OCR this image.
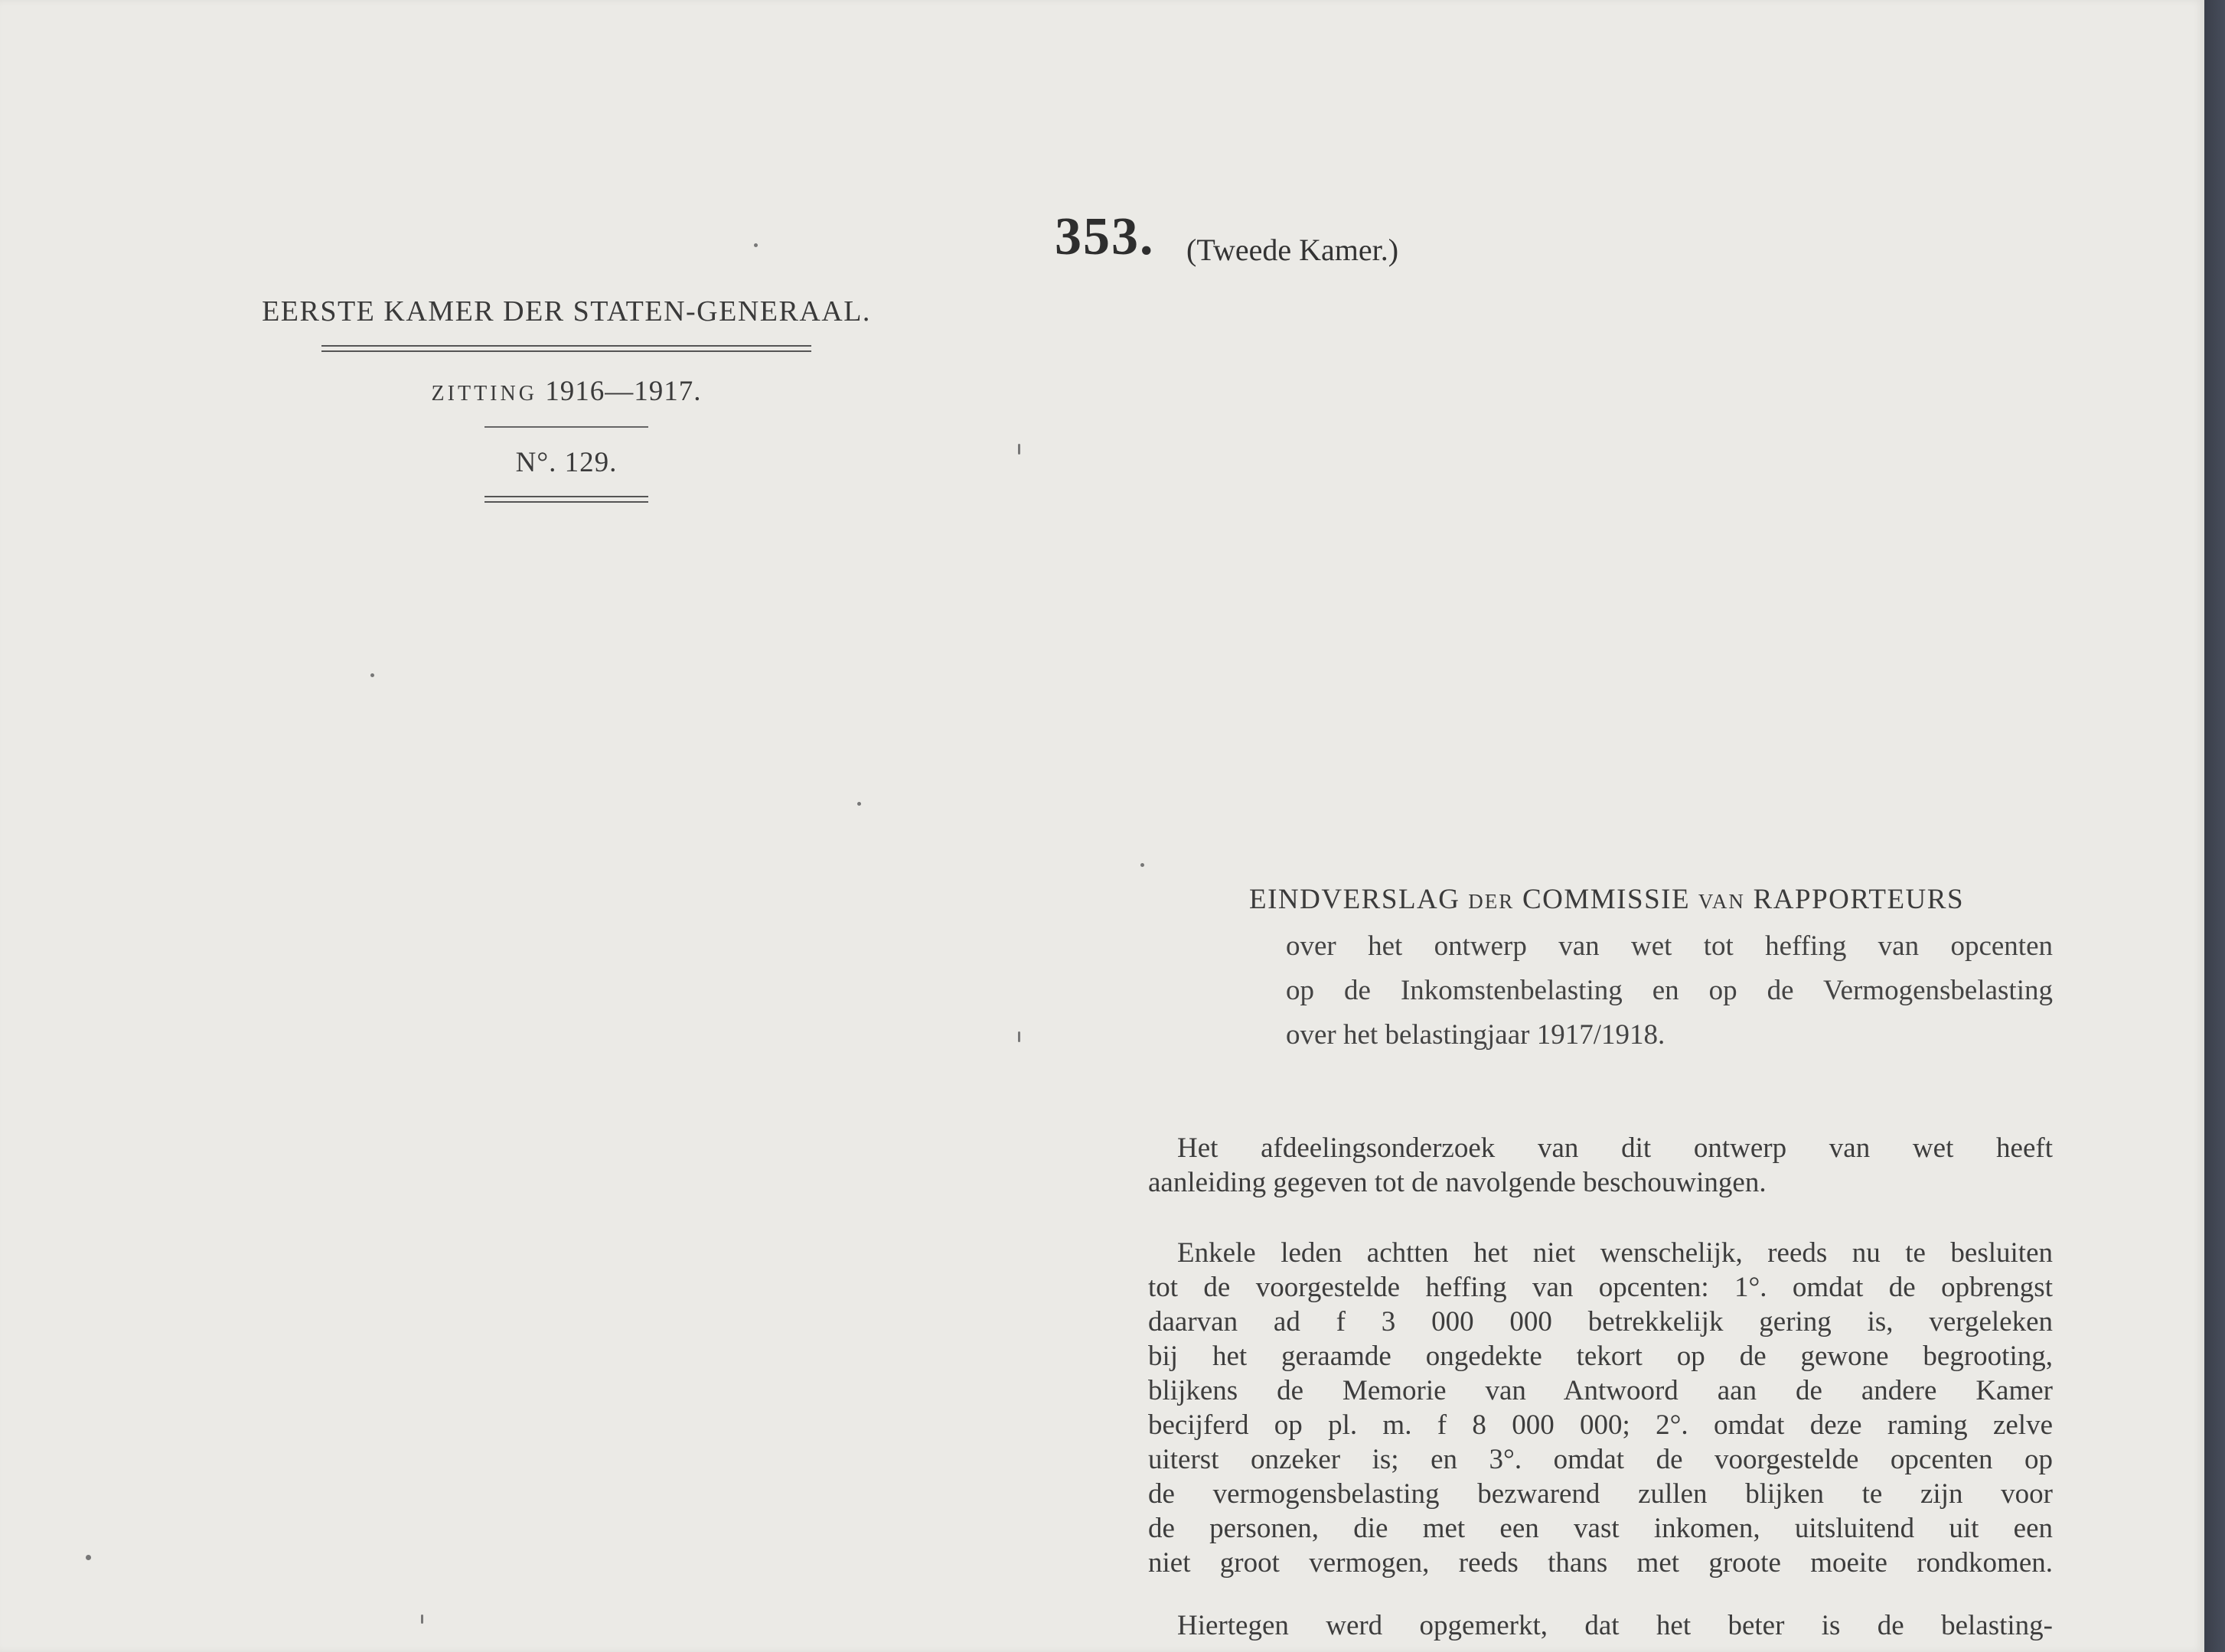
353. (Tweede Kamer.)
EERSTE KAMER DER STATEN-GENERAAL.
ZITTING 1916—1917.
N°. 129.
EINDVERSLAG DER COMMISSIE VAN RAPPORTEURS
over het ontwerp van wet tot heffing van opcenten
op de Inkomstenbelasting en op de Vermogensbelasting
over het belastingjaar 1917/1918.
Het afdeelingsonderzoek van dit ontwerp van wet heeft
aanleiding gegeven tot de navolgende beschouwingen.
Enkele leden achtten het niet wenschelijk, reeds nu te besluiten
tot de voorgestelde heffing van opcenten: 1°. omdat de opbrengst
daarvan ad f 3 000 000 betrekkelijk gering is, vergeleken
bij het geraamde ongedekte tekort op de gewone begrooting,
blijkens de Memorie van Antwoord aan de andere Kamer
becijferd op pl. m. f 8 000 000; 2°. omdat deze raming zelve
uiterst onzeker is; en 3°. omdat de voorgestelde opcenten op
de vermogensbelasting bezwarend zullen blijken te zijn voor
de personen, die met een vast inkomen, uitsluitend uit een
niet groot vermogen, reeds thans met groote moeite rondkomen.
Hiertegen werd opgemerkt, dat het beter is de belasting-
